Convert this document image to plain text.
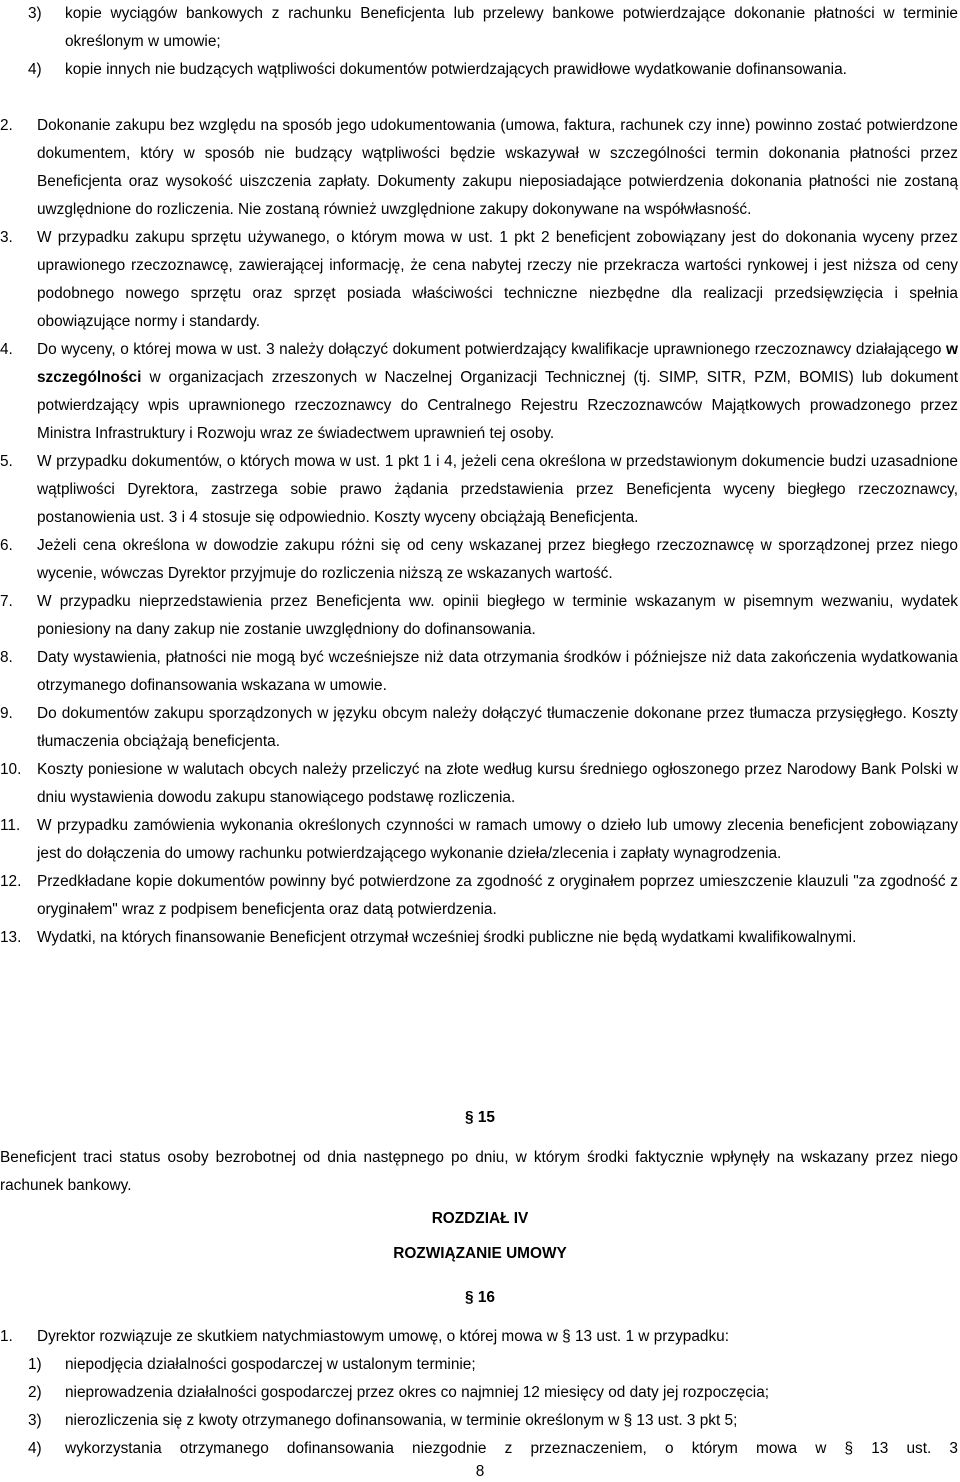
3) kopie wyciągów bankowych z rachunku Beneficjenta lub przelewy bankowe potwierdzające dokonanie płatności w terminie określonym w umowie;
4) kopie innych nie budzących wątpliwości dokumentów potwierdzających prawidłowe wydatkowanie dofinansowania.
2. Dokonanie zakupu bez względu na sposób jego udokumentowania (umowa, faktura, rachunek czy inne) powinno zostać potwierdzone dokumentem, który w sposób nie budzący wątpliwości będzie wskazywał w szczególności termin dokonania płatności przez Beneficjenta oraz wysokość uiszczenia zapłaty. Dokumenty zakupu nieposiadające potwierdzenia dokonania płatności nie zostaną uwzględnione do rozliczenia. Nie zostaną również uwzględnione zakupy dokonywane na współwłasność.
3. W przypadku zakupu sprzętu używanego, o którym mowa w ust. 1 pkt 2 beneficjent zobowiązany jest do dokonania wyceny przez uprawionego rzeczoznawcę, zawierającej informację, że cena nabytej rzeczy nie przekracza wartości rynkowej i jest niższa od ceny podobnego nowego sprzętu oraz sprzęt posiada właściwości techniczne niezbędne dla realizacji przedsięwzięcia i spełnia obowiązujące normy i standardy.
4. Do wyceny, o której mowa w ust. 3 należy dołączyć dokument potwierdzający kwalifikacje uprawnionego rzeczoznawcy działającego w szczególności w organizacjach zrzeszonych w Naczelnej Organizacji Technicznej (tj. SIMP, SITR, PZM, BOMIS) lub dokument potwierdzający wpis uprawnionego rzeczoznawcy do Centralnego Rejestru Rzeczoznawców Majątkowych prowadzonego przez Ministra Infrastruktury i Rozwoju wraz ze świadectwem uprawnień tej osoby.
5. W przypadku dokumentów, o których mowa w ust. 1 pkt 1 i 4, jeżeli cena określona w przedstawionym dokumencie budzi uzasadnione wątpliwości Dyrektora, zastrzega sobie prawo żądania przedstawienia przez Beneficjenta wyceny biegłego rzeczoznawcy, postanowienia ust. 3 i 4 stosuje się odpowiednio. Koszty wyceny obciążają Beneficjenta.
6. Jeżeli cena określona w dowodzie zakupu różni się od ceny wskazanej przez biegłego rzeczoznawcę w sporządzonej przez niego wycenie, wówczas Dyrektor przyjmuje do rozliczenia niższą ze wskazanych wartość.
7. W przypadku nieprzedstawienia przez Beneficjenta ww. opinii biegłego w terminie wskazanym w pisemnym wezwaniu, wydatek poniesiony na dany zakup nie zostanie uwzględniony do dofinansowania.
8. Daty wystawienia, płatności nie mogą być wcześniejsze niż data otrzymania środków i późniejsze niż data zakończenia wydatkowania otrzymanego dofinansowania wskazana w umowie.
9. Do dokumentów zakupu sporządzonych w języku obcym należy dołączyć tłumaczenie dokonane przez tłumacza przysięgłego. Koszty tłumaczenia obciążają beneficjenta.
10. Koszty poniesione w walutach obcych należy przeliczyć na złote według kursu średniego ogłoszonego przez Narodowy Bank Polski w dniu wystawienia dowodu zakupu stanowiącego podstawę rozliczenia.
11. W przypadku zamówienia wykonania określonych czynności w ramach umowy o dzieło lub umowy zlecenia beneficjent zobowiązany jest do dołączenia do umowy rachunku potwierdzającego wykonanie dzieła/zlecenia i zapłaty wynagrodzenia.
12. Przedkładane kopie dokumentów powinny być potwierdzone za zgodność z oryginałem poprzez umieszczenie klauzuli "za zgodność z oryginałem" wraz z podpisem beneficjenta oraz datą potwierdzenia.
13. Wydatki, na których finansowanie Beneficjent otrzymał wcześniej środki publiczne nie będą wydatkami kwalifikowalnymi.
§ 15
Beneficjent traci status osoby bezrobotnej od dnia następnego po dniu, w którym środki faktycznie wpłynęły na wskazany przez niego rachunek bankowy.
ROZDZIAŁ IV
ROZWIĄZANIE UMOWY
§ 16
1. Dyrektor rozwiązuje ze skutkiem natychmiastowym umowę, o której mowa w § 13 ust. 1 w przypadku:
1) niepodjęcia działalności gospodarczej w ustalonym terminie;
2) nieprowadzenia działalności gospodarczej przez okres co najmniej 12 miesięcy od daty jej rozpoczęcia;
3) nierozliczenia się z kwoty otrzymanego dofinansowania, w terminie określonym w § 13 ust. 3 pkt 5;
4) wykorzystania otrzymanego dofinansowania niezgodnie z przeznaczeniem, o którym mowa w § 13 ust. 3
8
